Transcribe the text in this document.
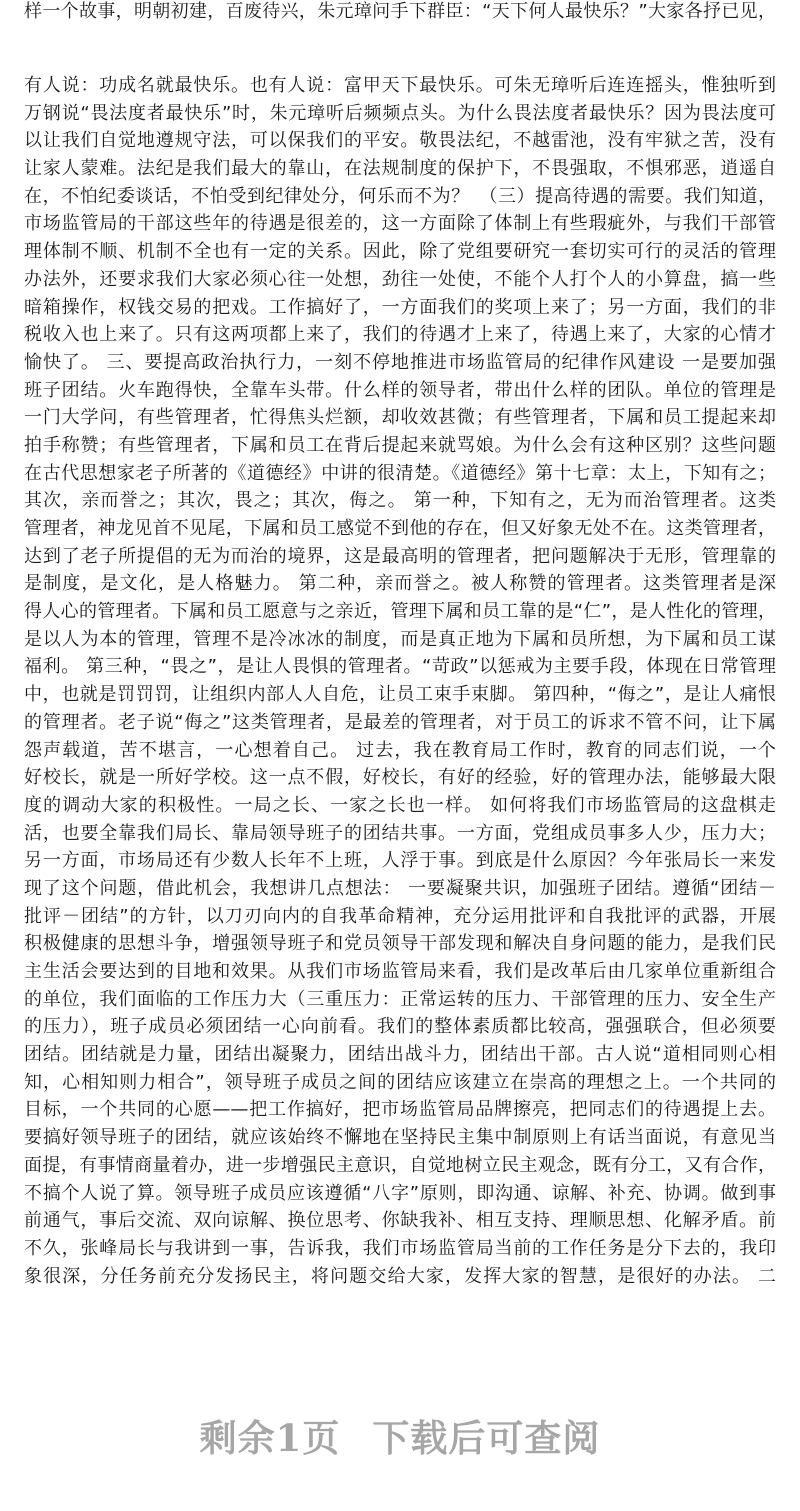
样一个故事，明朝初建，百废待兴，朱元璋问手下群臣：“天下何人最快乐？”大家各抒已见，
有人说：功成名就最快乐。也有人说：富甲天下最快乐。可朱无璋听后连连摇头，惟独听到
万钢说“畏法度者最快乐”时，朱元璋听后频频点头。为什么畏法度者最快乐？因为畏法度可
以让我们自觉地遵规守法，可以保我们的平安。敬畏法纪，不越雷池，没有牢狱之苦，没有
让家人蒙难。法纪是我们最大的靠山，在法规制度的保护下，不畏强取，不惧邪恶，逍遥自
在，不怕纪委谈话，不怕受到纪律处分，何乐而不为？　（三）提高待遇的需要。我们知道，
市场监管局的干部这些年的待遇是很差的，这一方面除了体制上有些瑕疵外，与我们干部管
理体制不顺、机制不全也有一定的关系。因此，除了党组要研究一套切实可行的灵活的管理
办法外，还要求我们大家必须心往一处想，劲往一处使，不能个人打个人的小算盘，搞一些
暗箱操作，权钱交易的把戏。工作搞好了，一方面我们的奖项上来了；另一方面，我们的非
税收入也上来了。只有这两项都上来了，我们的待遇才上来了，待遇上来了，大家的心情才
愉快了。 三、要提高政治执行力，一刻不停地推进市场监管局的纪律作风建设 一是要加强
班子团结。火车跑得快，全靠车头带。什么样的领导者，带出什么样的团队。单位的管理是
一门大学问，有些管理者，忙得焦头烂额，却收效甚微；有些管理者，下属和员工提起来却
拍手称赞；有些管理者，下属和员工在背后提起来就骂娘。为什么会有这种区别？这些问题
在古代思想家老子所著的《道德经》中讲的很清楚。《道德经》第十七章：太上，下知有之；
其次，亲而誉之；其次，畏之；其次，侮之。 第一种，下知有之，无为而治管理者。这类
管理者，神龙见首不见尾，下属和员工感觉不到他的存在，但又好象无处不在。这类管理者，
达到了老子所提倡的无为而治的境界，这是最高明的管理者，把问题解决于无形，管理靠的
是制度，是文化，是人格魅力。 第二种，亲而誉之。被人称赞的管理者。这类管理者是深
得人心的管理者。下属和员工愿意与之亲近，管理下属和员工靠的是“仁”，是人性化的管理，
是以人为本的管理，管理不是冷冰冰的制度，而是真正地为下属和员所想，为下属和员工谋
福利。 第三种，“畏之”，是让人畏惧的管理者。“苛政”以惩戒为主要手段，体现在日常管理
中，也就是罚罚罚，让组织内部人人自危，让员工束手束脚。 第四种，“侮之”，是让人痛恨
的管理者。老子说“侮之”这类管理者，是最差的管理者，对于员工的诉求不管不问，让下属
怨声载道，苦不堪言，一心想着自己。 过去，我在教育局工作时，教育的同志们说，一个
好校长，就是一所好学校。这一点不假，好校长，有好的经验，好的管理办法，能够最大限
度的调动大家的积极性。一局之长、一家之长也一样。 如何将我们市场监管局的这盘棋走
活，也要全靠我们局长、靠局领导班子的团结共事。一方面，党组成员事多人少，压力大；
另一方面，市场局还有少数人长年不上班，人浮于事。到底是什么原因？今年张局长一来发
现了这个问题，借此机会，我想讲几点想法： 一要凝聚共识，加强班子团结。遵循“团结－
批评－团结”的方针，以刀刃向内的自我革命精神，充分运用批评和自我批评的武器，开展
积极健康的思想斗争，增强领导班子和党员领导干部发现和解决自身问题的能力，是我们民
主生活会要达到的目地和效果。从我们市场监管局来看，我们是改革后由几家单位重新组合
的单位，我们面临的工作压力大（三重压力：正常运转的压力、干部管理的压力、安全生产
的压力），班子成员必须团结一心向前看。我们的整体素质都比较高，强强联合，但必须要
团结。团结就是力量，团结出凝聚力，团结出战斗力，团结出干部。古人说“道相同则心相
知，心相知则力相合”，领导班子成员之间的团结应该建立在崇高的理想之上。一个共同的
目标，一个共同的心愿——把工作搞好，把市场监管局品牌擦亮，把同志们的待遇提上去。
要搞好领导班子的团结，就应该始终不懈地在坚持民主集中制原则上有话当面说，有意见当
面提，有事情商量着办，进一步增强民主意识，自觉地树立民主观念，既有分工，又有合作，
不搞个人说了算。领导班子成员应该遵循“八字”原则，即沟通、谅解、补充、协调。做到事
前通气，事后交流、双向谅解、换位思考、你缺我补、相互支持、理顺思想、化解矛盾。前
不久，张峰局长与我讲到一事，告诉我，我们市场监管局当前的工作任务是分下去的，我印
象很深，分任务前充分发扬民主，将问题交给大家，发挥大家的智慧，是很好的办法。 二
剩余1页 下载后可查阅
